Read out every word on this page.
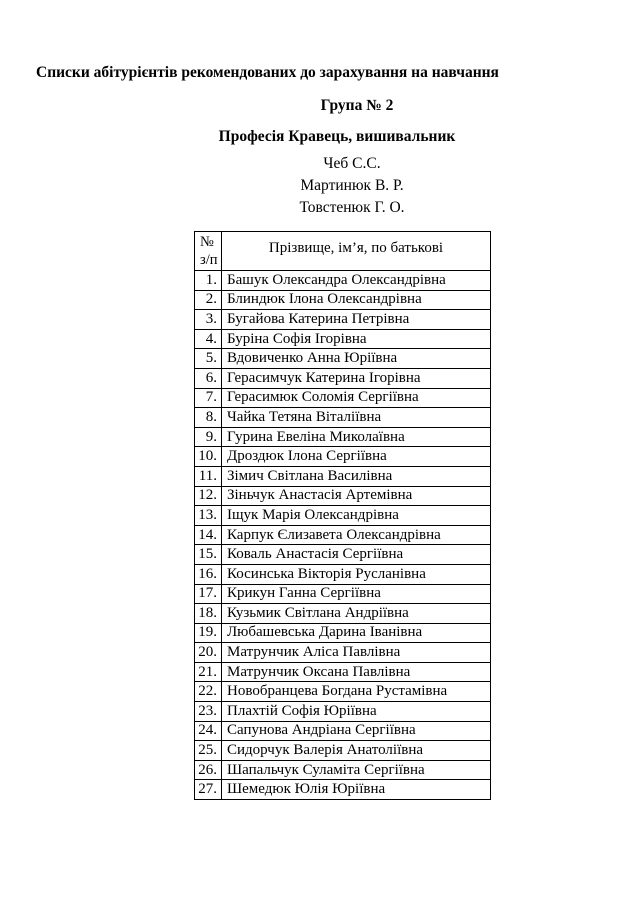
Списки абітурієнтів рекомендованих до зарахування на навчання
Група № 2
Професія Кравець, вишивальник
Чеб С.С.
Мартинюк В. Р.
Товстенюк Г. О.
№
з/п	Прізвище, ім’я, по батькові
1.	Башук Олександра Олександрівна
2.	Блиндюк Ілона Олександрівна
3.	Бугайова Катерина Петрівна
4.	Буріна Софія Ігорівна
5.	Вдовиченко Анна Юріївна
6.	Герасимчук Катерина Ігорівна
7.	Герасимюк Соломія Сергіївна
8.	Чайка Тетяна Віталіївна
9.	Гурина Евеліна Миколаївна
10.	Дроздюк Ілона Сергіївна
11.	Зімич Світлана Василівна
12.	Зіньчук Анастасія Артемівна
13.	Іщук Марія Олександрівна
14.	Карпук Єлизавета Олександрівна
15.	Коваль Анастасія Сергіївна
16.	Косинська Вікторія Русланівна
17.	Крикун Ганна Сергіївна
18.	Кузьмик Світлана Андріївна
19.	Любашевська Дарина Іванівна
20.	Матрунчик Аліса Павлівна
21.	Матрунчик Оксана Павлівна
22.	Новобранцева Богдана Рустамівна
23.	Плахтій Софія Юріївна
24.	Сапунова Андріана Сергіївна
25.	Сидорчук Валерія Анатоліївна
26.	Шапальчук Суламіта Сергіївна
27.	Шемедюк Юлія Юріївна
